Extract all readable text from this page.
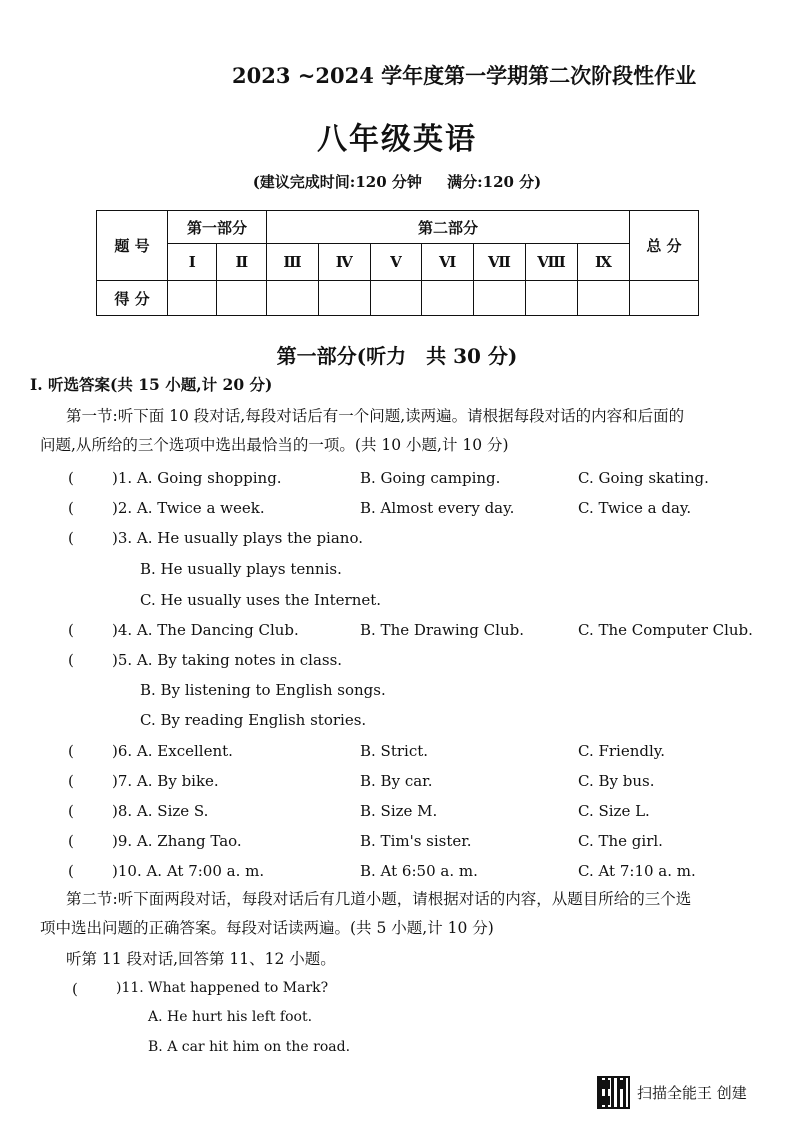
2023 ~2024 学年度第一学期第二次阶段性作业
八年级英语
(建议完成时间:120 分钟 满分:120 分)
题 号	第一部分		第二部分							总 分
	Ⅰ	Ⅱ	Ⅲ	Ⅳ	Ⅴ	Ⅵ	Ⅶ	Ⅷ	Ⅸ	
得 分										
第一部分(听力　共 30 分)
Ⅰ. 听选答案(共 15 小题,计 20 分)
第一节:听下面 10 段对话,每段对话后有一个问题,读两遍。请根据每段对话的内容和后面的
问题,从所给的三个选项中选出最恰当的一项。(共 10 小题,计 10 分)
(	)1. A. Going shopping.	B. Going camping.	C. Going skating.
(	)2. A. Twice a week.	B. Almost every day.	C. Twice a day.
(	)3. A. He usually plays the piano.
B. He usually plays tennis.
C. He usually uses the Internet.
(	)4. A. The Dancing Club.	B. The Drawing Club.	C. The Computer Club.
(	)5. A. By taking notes in class.
B. By listening to English songs.
C. By reading English stories.
(	)6. A. Excellent.	B. Strict.	C. Friendly.
(	)7. A. By bike.	B. By car.	C. By bus.
(	)8. A. Size S.	B. Size M.	C. Size L.
(	)9. A. Zhang Tao.	B. Tim's sister.	C. The girl.
(	)10. A. At 7:00 a. m.	B. At 6:50 a. m.	C. At 7:10 a. m.
第二节:听下面两段对话，每段对话后有几道小题，请根据对话的内容，从题目所给的三个选
项中选出问题的正确答案。每段对话读两遍。(共 5 小题,计 10 分)
听第 11 段对话,回答第 11、12 小题。
(	)11. What happened to Mark?
A. He hurt his left foot.
B. A car hit him on the road.
扫描全能王 创建
